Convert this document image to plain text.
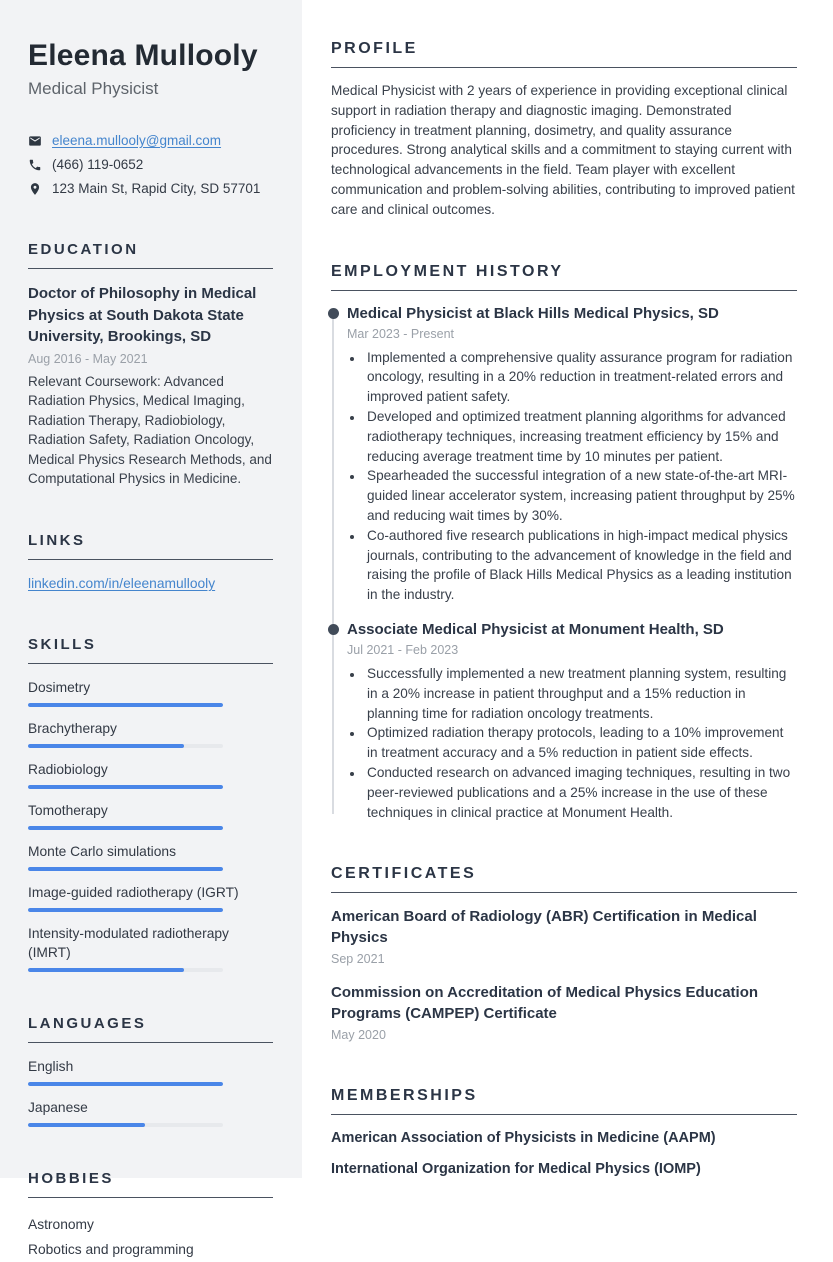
Eleena Mullooly
Medical Physicist
eleena.mullooly@gmail.com
(466) 119-0652
123 Main St, Rapid City, SD 57701
EDUCATION
Doctor of Philosophy in Medical Physics at South Dakota State University, Brookings, SD
Aug 2016 - May 2021
Relevant Coursework: Advanced Radiation Physics, Medical Imaging, Radiation Therapy, Radiobiology, Radiation Safety, Radiation Oncology, Medical Physics Research Methods, and Computational Physics in Medicine.
LINKS
linkedin.com/in/eleenamullooly
SKILLS
Dosimetry
Brachytherapy
Radiobiology
Tomotherapy
Monte Carlo simulations
Image-guided radiotherapy (IGRT)
Intensity-modulated radiotherapy (IMRT)
LANGUAGES
English
Japanese
HOBBIES
Astronomy
Robotics and programming
PROFILE

Medical Physicist with 2 years of experience in providing exceptional clinical support in radiation therapy and diagnostic imaging. Demonstrated proficiency in treatment planning, dosimetry, and quality assurance procedures. Strong analytical skills and a commitment to staying current with technological advancements in the field. Team player with excellent communication and problem-solving abilities, contributing to improved patient care and clinical outcomes.

EMPLOYMENT HISTORY
Medical Physicist at Black Hills Medical Physics, SD
Mar 2023 - Present
• Implemented a comprehensive quality assurance program for radiation oncology, resulting in a 20% reduction in treatment-related errors and improved patient safety.
• Developed and optimized treatment planning algorithms for advanced radiotherapy techniques, increasing treatment efficiency by 15% and reducing average treatment time by 10 minutes per patient.
• Spearheaded the successful integration of a new state-of-the-art MRI-guided linear accelerator system, increasing patient throughput by 25% and reducing wait times by 30%.
• Co-authored five research publications in high-impact medical physics journals, contributing to the advancement of knowledge in the field and raising the profile of Black Hills Medical Physics as a leading institution in the industry.
Associate Medical Physicist at Monument Health, SD
Jul 2021 - Feb 2023
• Successfully implemented a new treatment planning system, resulting in a 20% increase in patient throughput and a 15% reduction in planning time for radiation oncology treatments.
• Optimized radiation therapy protocols, leading to a 10% improvement in treatment accuracy and a 5% reduction in patient side effects.
• Conducted research on advanced imaging techniques, resulting in two peer-reviewed publications and a 25% increase in the use of these techniques in clinical practice at Monument Health.
CERTIFICATES
American Board of Radiology (ABR) Certification in Medical Physics
Sep 2021
Commission on Accreditation of Medical Physics Education Programs (CAMPEP) Certificate
May 2020
MEMBERSHIPS
American Association of Physicists in Medicine (AAPM)
International Organization for Medical Physics (IOMP)
